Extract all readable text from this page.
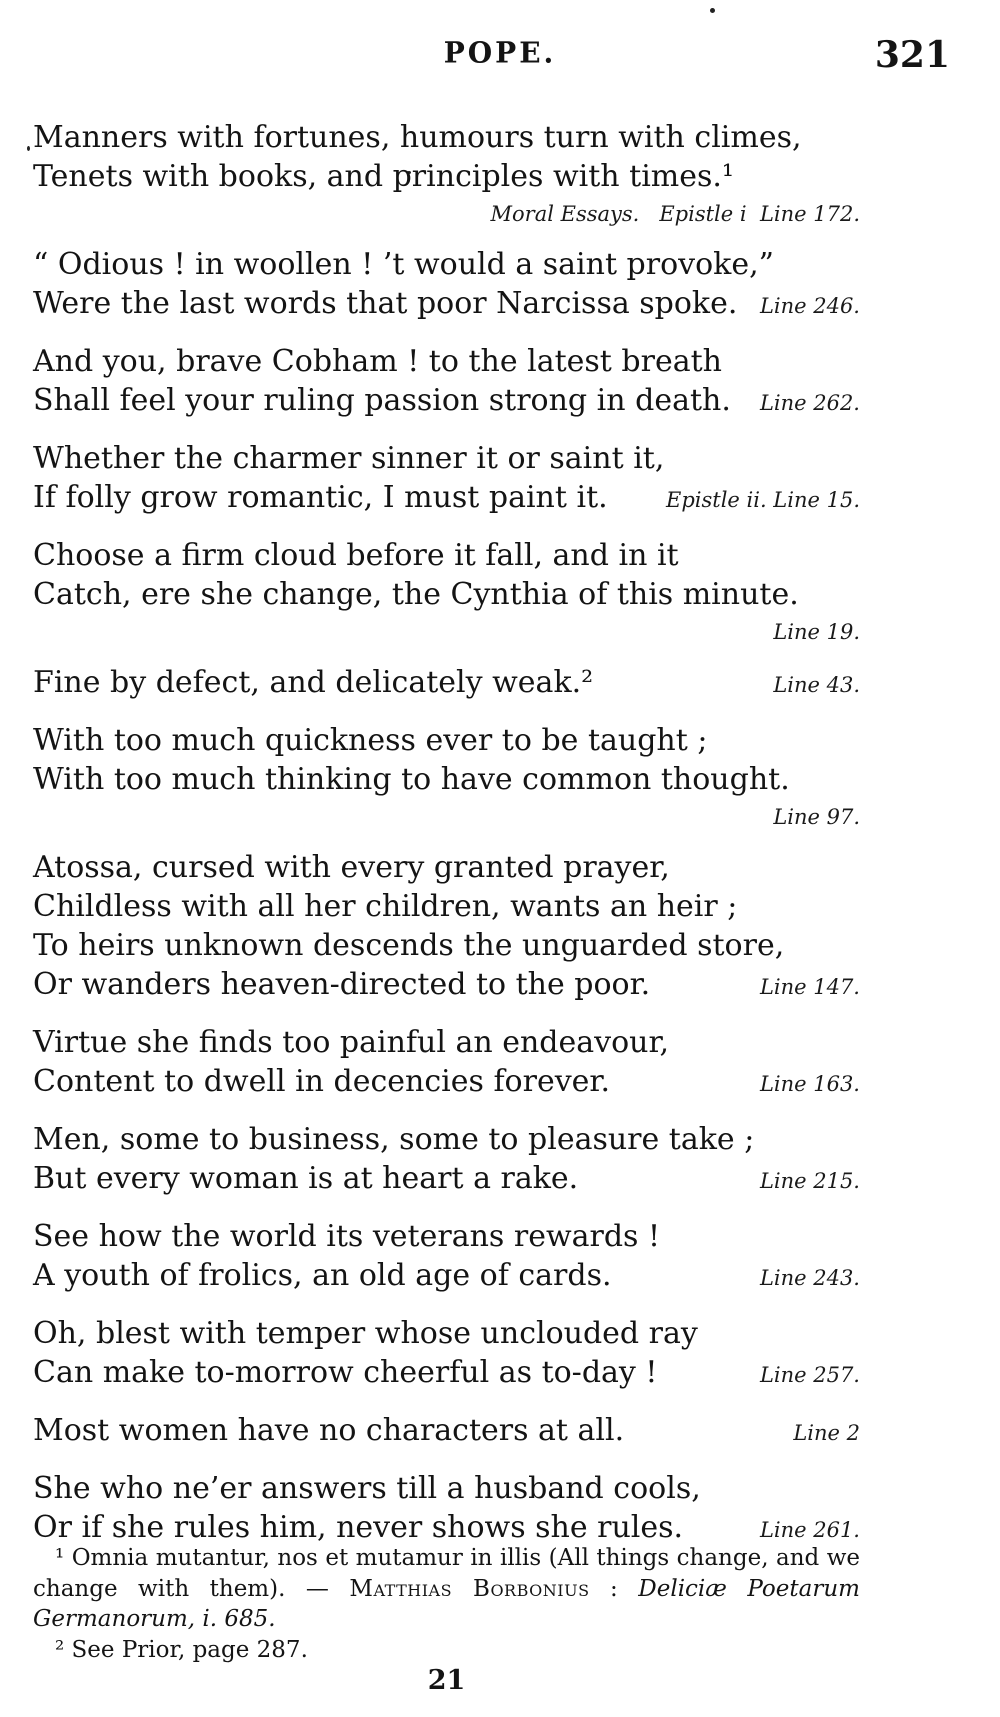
POPE.	321
Manners with fortunes, humours turn with climes,
Tenets with books, and principles with times.¹
Moral Essays.   Epistle i  Line 172.
“ Odious ! in woollen ! ’t would a saint provoke,”
Were the last words that poor Narcissa spoke.	Line 246.
And you, brave Cobham ! to the latest breath
Shall feel your ruling passion strong in death.	Line 262.
Whether the charmer sinner it or saint it,
If folly grow romantic, I must paint it.	Epistle ii. Line 15.
Choose a firm cloud before it fall, and in it
Catch, ere she change, the Cynthia of this minute.
Line 19.
Fine by defect, and delicately weak.²	Line 43.
With too much quickness ever to be taught ;
With too much thinking to have common thought.
Line 97.
Atossa, cursed with every granted prayer,
Childless with all her children, wants an heir ;
To heirs unknown descends the unguarded store,
Or wanders heaven-directed to the poor.	Line 147.
Virtue she finds too painful an endeavour,
Content to dwell in decencies forever.	Line 163.
Men, some to business, some to pleasure take ;
But every woman is at heart a rake.	Line 215.
See how the world its veterans rewards !
A youth of frolics, an old age of cards.	Line 243.
Oh, blest with temper whose unclouded ray
Can make to-morrow cheerful as to-day !	Line 257.
Most women have no characters at all.	Line 2
She who ne’er answers till a husband cools,
Or if she rules him, never shows she rules.	Line 261.

¹ Omnia mutantur, nos et mutamur in illis (All things change, and we change with them). — Matthias Borbonius : Deliciæ Poetarum Germanorum, i. 685.

² See Prior, page 287.

21
